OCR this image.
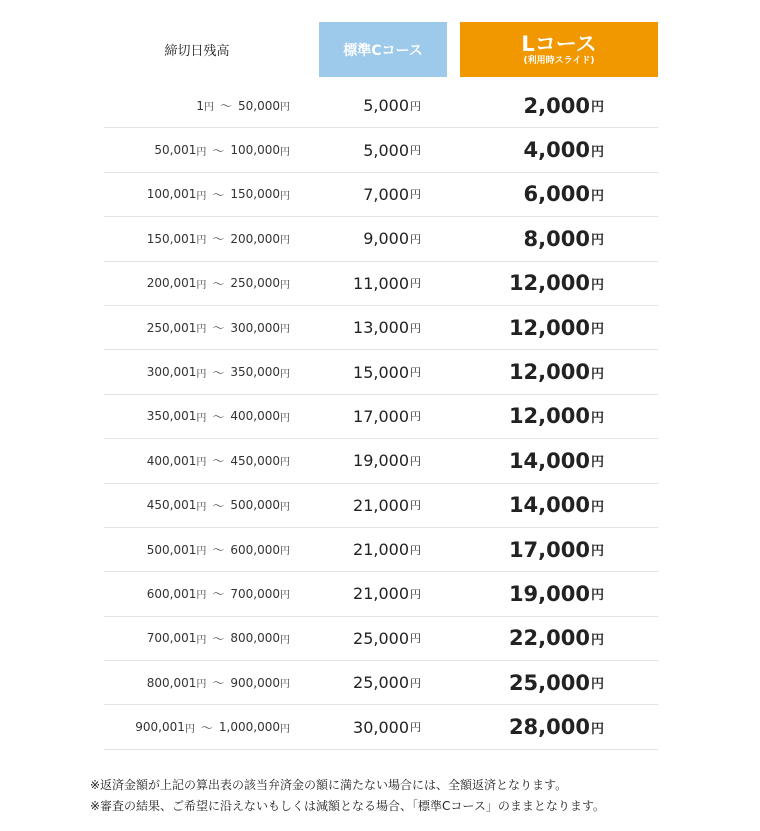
締切日残高	標準Cコース	Lコース
(利用時スライド)
1 円 ～ 50,000 円	5,000 円	2,000 円
50,001 円 ～ 100,000 円	5,000 円	4,000 円
100,001 円 ～ 150,000 円	7,000 円	6,000 円
150,001 円 ～ 200,000 円	9,000 円	8,000 円
200,001 円 ～ 250,000 円	11,000 円	12,000 円
250,001 円 ～ 300,000 円	13,000 円	12,000 円
300,001 円 ～ 350,000 円	15,000 円	12,000 円
350,001 円 ～ 400,000 円	17,000 円	12,000 円
400,001 円 ～ 450,000 円	19,000 円	14,000 円
450,001 円 ～ 500,000 円	21,000 円	14,000 円
500,001 円 ～ 600,000 円	21,000 円	17,000 円
600,001 円 ～ 700,000 円	21,000 円	19,000 円
700,001 円 ～ 800,000 円	25,000 円	22,000 円
800,001 円 ～ 900,000 円	25,000 円	25,000 円
900,001 円 ～ 1,000,000 円	30,000 円	28,000 円
※返済金額が上記の算出表の該当弁済金の額に満たない場合には、全額返済となります。
※審査の結果、ご希望に沿えないもしくは減額となる場合、「標準Cコース」のままとなります。
